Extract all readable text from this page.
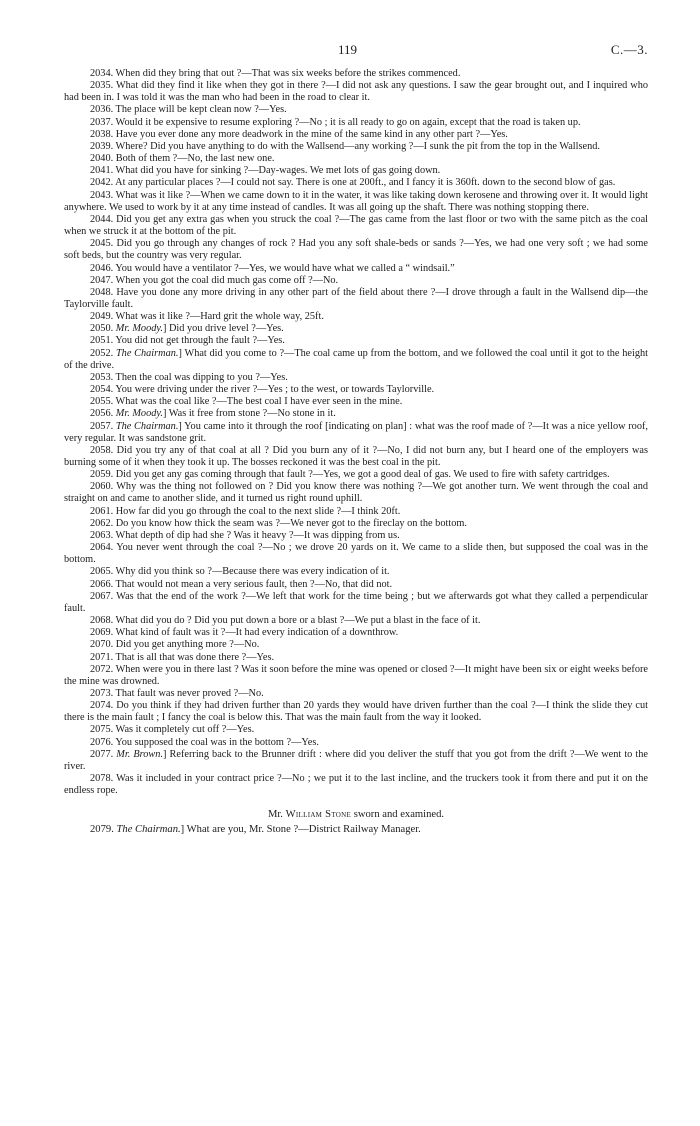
119	C.—3.

2034. When did they bring that out ?—That was six weeks before the strikes commenced.

2035. What did they find it like when they got in there ?—I did not ask any questions. I saw the gear brought out, and I inquired who had been in. I was told it was the man who had been in the road to clear it.

2036. The place will be kept clean now ?—Yes.

2037. Would it be expensive to resume exploring ?—No ; it is all ready to go on again, except that the road is taken up.

2038. Have you ever done any more deadwork in the mine of the same kind in any other part ?—Yes.

2039. Where? Did you have anything to do with the Wallsend—any working ?—I sunk the pit from the top in the Wallsend.

2040. Both of them ?—No, the last new one.

2041. What did you have for sinking ?—Day-wages. We met lots of gas going down.

2042. At any particular places ?—I could not say. There is one at 200ft., and I fancy it is 360ft. down to the second blow of gas.

2043. What was it like ?—When we came down to it in the water, it was like taking down kerosene and throwing over it. It would light anywhere. We used to work by it at any time instead of candles. It was all going up the shaft. There was nothing stopping there.

2044. Did you get any extra gas when you struck the coal ?—The gas came from the last floor or two with the same pitch as the coal when we struck it at the bottom of the pit.

2045. Did you go through any changes of rock ? Had you any soft shale-beds or sands ?—Yes, we had one very soft ; we had some soft beds, but the country was very regular.

2046. You would have a ventilator ?—Yes, we would have what we called a “ windsail.”

2047. When you got the coal did much gas come off ?—No.

2048. Have you done any more driving in any other part of the field about there ?—I drove through a fault in the Wallsend dip—the Taylorville fault.

2049. What was it like ?—Hard grit the whole way, 25ft.

2050. Mr. Moody.] Did you drive level ?—Yes.

2051. You did not get through the fault ?—Yes.

2052. The Chairman.] What did you come to ?—The coal came up from the bottom, and we followed the coal until it got to the height of the drive.

2053. Then the coal was dipping to you ?—Yes.

2054. You were driving under the river ?—Yes ; to the west, or towards Taylorville.

2055. What was the coal like ?—The best coal I have ever seen in the mine.

2056. Mr. Moody.] Was it free from stone ?—No stone in it.

2057. The Chairman.] You came into it through the roof [indicating on plan] : what was the roof made of ?—It was a nice yellow roof, very regular. It was sandstone grit.

2058. Did you try any of that coal at all ? Did you burn any of it ?—No, I did not burn any, but I heard one of the employers was burning some of it when they took it up. The bosses reckoned it was the best coal in the pit.

2059. Did you get any gas coming through that fault ?—Yes, we got a good deal of gas. We used to fire with safety cartridges.

2060. Why was the thing not followed on ? Did you know there was nothing ?—We got another turn. We went through the coal and straight on and came to another slide, and it turned us right round uphill.

2061. How far did you go through the coal to the next slide ?—I think 20ft.

2062. Do you know how thick the seam was ?—We never got to the fireclay on the bottom.

2063. What depth of dip had she ? Was it heavy ?—It was dipping from us.

2064. You never went through the coal ?—No ; we drove 20 yards on it. We came to a slide then, but supposed the coal was in the bottom.

2065. Why did you think so ?—Because there was every indication of it.

2066. That would not mean a very serious fault, then ?—No, that did not.

2067. Was that the end of the work ?—We left that work for the time being ; but we afterwards got what they called a perpendicular fault.

2068. What did you do ? Did you put down a bore or a blast ?—We put a blast in the face of it.

2069. What kind of fault was it ?—It had every indication of a downthrow.

2070. Did you get anything more ?—No.

2071. That is all that was done there ?—Yes.

2072. When were you in there last ? Was it soon before the mine was opened or closed ?—It might have been six or eight weeks before the mine was drowned.

2073. That fault was never proved ?—No.

2074. Do you think if they had driven further than 20 yards they would have driven further than the coal ?—I think the slide they cut there is the main fault ; I fancy the coal is below this. That was the main fault from the way it looked.

2075. Was it completely cut off ?—Yes.

2076. You supposed the coal was in the bottom ?—Yes.

2077. Mr. Brown.] Referring back to the Brunner drift : where did you deliver the stuff that you got from the drift ?—We went to the river.

2078. Was it included in your contract price ?—No ; we put it to the last incline, and the truckers took it from there and put it on the endless rope.

Mr. William Stone sworn and examined.

2079. The Chairman.] What are you, Mr. Stone ?—District Railway Manager.
